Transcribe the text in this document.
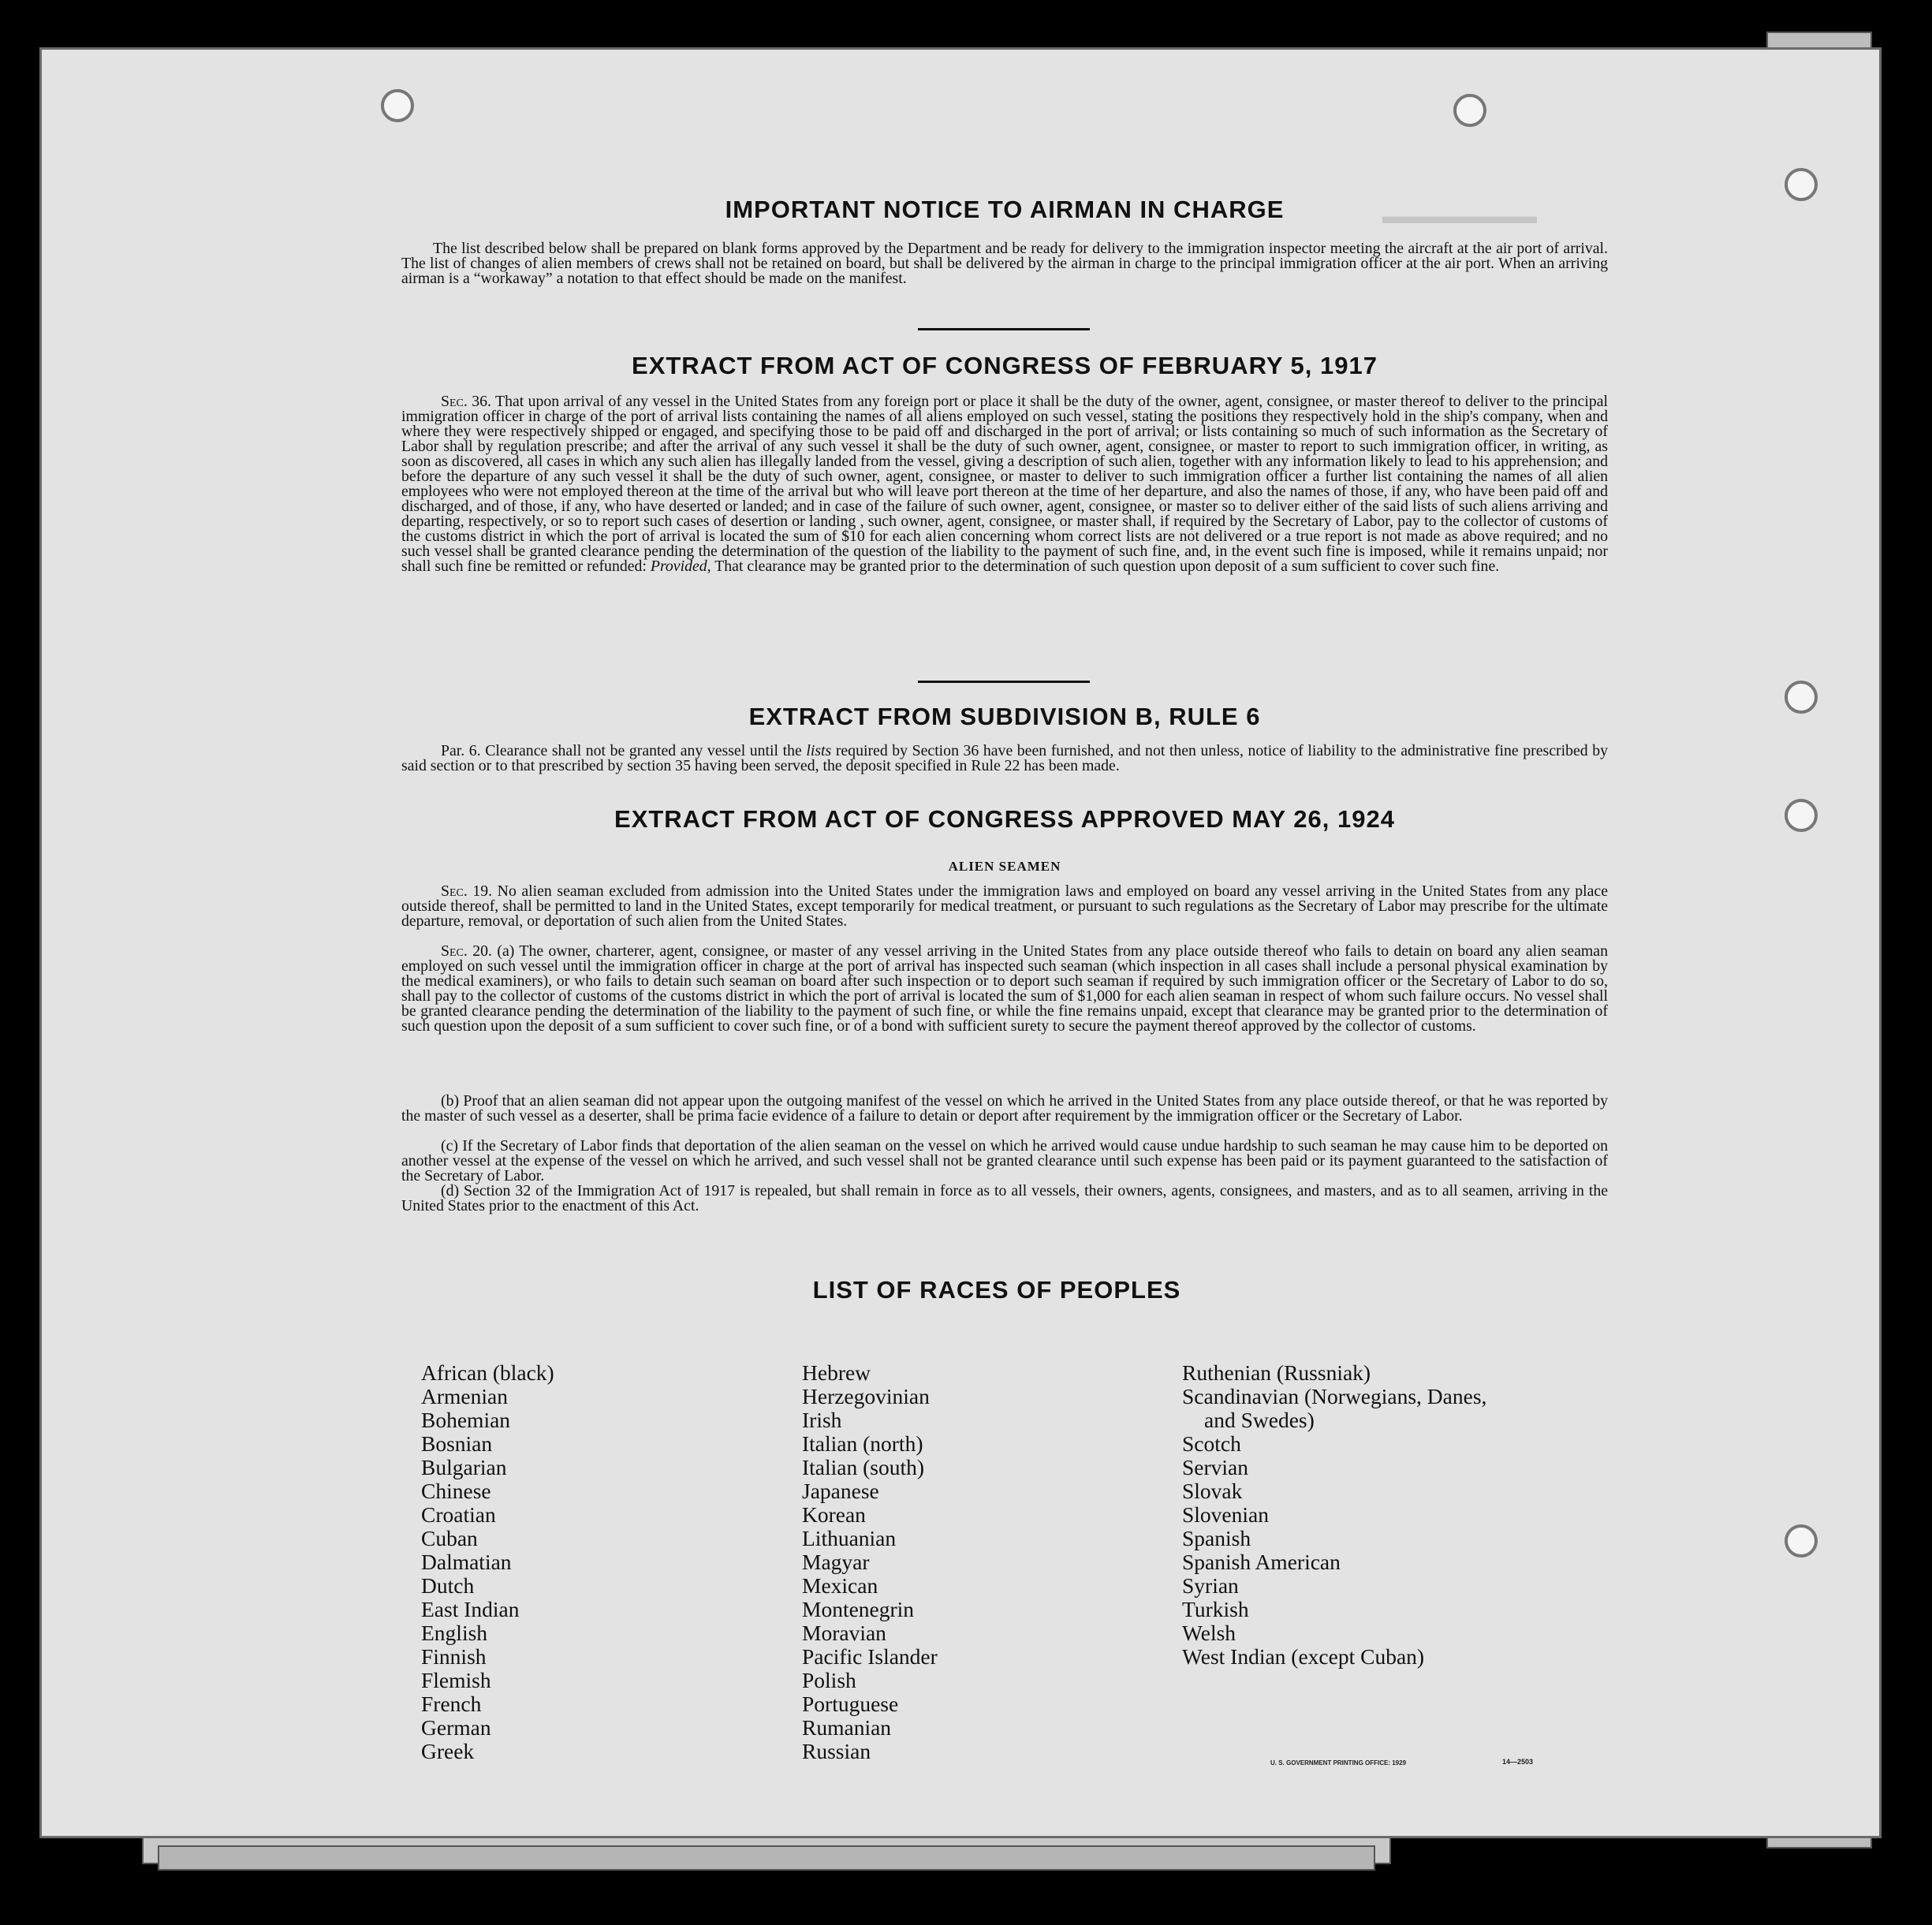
▬▬▬▬▬▬▬
IMPORTANT NOTICE TO AIRMAN IN CHARGE

The list described below shall be prepared on blank forms approved by the Department and be ready for delivery to the immigration inspector meeting the aircraft at the air port of arrival. The list of changes of alien members of crews shall not be retained on board, but shall be delivered by the airman in charge to the principal immigration officer at the air port. When an arriving airman is a “workaway” a notation to that effect should be made on the manifest.

EXTRACT FROM ACT OF CONGRESS OF FEBRUARY 5, 1917

Sec. 36. That upon arrival of any vessel in the United States from any foreign port or place it shall be the duty of the owner, agent, consignee, or master thereof to deliver to the principal immigration officer in charge of the port of arrival lists containing the names of all aliens employed on such vessel, stating the positions they respectively hold in the ship's company, when and where they were respectively shipped or engaged, and specifying those to be paid off and discharged in the port of arrival; or lists containing so much of such information as the Secretary of Labor shall by regulation prescribe; and after the arrival of any such vessel it shall be the duty of such owner, agent, consignee, or master to report to such immigration officer, in writing, as soon as discovered, all cases in which any such alien has illegally landed from the vessel, giving a description of such alien, together with any information likely to lead to his apprehension; and before the departure of any such vessel it shall be the duty of such owner, agent, consignee, or master to deliver to such immigration officer a further list containing the names of all alien employees who were not employed thereon at the time of the arrival but who will leave port thereon at the time of her departure, and also the names of those, if any, who have been paid off and discharged, and of those, if any, who have deserted or landed; and in case of the failure of such owner, agent, consignee, or master so to deliver either of the said lists of such aliens arriving and departing, respectively, or so to report such cases of desertion or landing , such owner, agent, consignee, or master shall, if required by the Secretary of Labor, pay to the collector of customs of the customs district in which the port of arrival is located the sum of $10 for each alien concerning whom correct lists are not delivered or a true report is not made as above required; and no such vessel shall be granted clearance pending the determination of the question of the liability to the payment of such fine, and, in the event such fine is imposed, while it remains unpaid; nor shall such fine be remitted or refunded: Provided, That clearance may be granted prior to the determination of such question upon deposit of a sum sufficient to cover such fine.

EXTRACT FROM SUBDIVISION B, RULE 6

Par. 6. Clearance shall not be granted any vessel until the lists required by Section 36 have been furnished, and not then unless, notice of liability to the administrative fine prescribed by said section or to that prescribed by section 35 having been served, the deposit specified in Rule 22 has been made.

EXTRACT FROM ACT OF CONGRESS APPROVED MAY 26, 1924
ALIEN SEAMEN

Sec. 19. No alien seaman excluded from admission into the United States under the immigration laws and employed on board any vessel arriving in the United States from any place outside thereof, shall be permitted to land in the United States, except temporarily for medical treatment, or pursuant to such regulations as the Secretary of Labor may prescribe for the ultimate departure, removal, or deportation of such alien from the United States.

Sec. 20. (a) The owner, charterer, agent, consignee, or master of any vessel arriving in the United States from any place outside thereof who fails to detain on board any alien seaman employed on such vessel until the immigration officer in charge at the port of arrival has inspected such seaman (which inspection in all cases shall include a personal physical examination by the medical examiners), or who fails to detain such seaman on board after such inspection or to deport such seaman if required by such immigration officer or the Secretary of Labor to do so, shall pay to the collector of customs of the customs district in which the port of arrival is located the sum of $1,000 for each alien seaman in respect of whom such failure occurs. No vessel shall be granted clearance pending the determination of the liability to the payment of such fine, or while the fine remains unpaid, except that clearance may be granted prior to the determination of such question upon the deposit of a sum sufficient to cover such fine, or of a bond with sufficient surety to secure the payment thereof approved by the collector of customs.

(b) Proof that an alien seaman did not appear upon the outgoing manifest of the vessel on which he arrived in the United States from any place outside thereof, or that he was reported by the master of such vessel as a deserter, shall be prima facie evidence of a failure to detain or deport after requirement by the immigration officer or the Secretary of Labor.

(c) If the Secretary of Labor finds that deportation of the alien seaman on the vessel on which he arrived would cause undue hardship to such seaman he may cause him to be deported on another vessel at the expense of the vessel on which he arrived, and such vessel shall not be granted clearance until such expense has been paid or its payment guaranteed to the satisfaction of the Secretary of Labor.

(d) Section 32 of the Immigration Act of 1917 is repealed, but shall remain in force as to all vessels, their owners, agents, consignees, and masters, and as to all seamen, arriving in the United States prior to the enactment of this Act.

LIST OF RACES OF PEOPLES
African (black)
Armenian
Bohemian
Bosnian
Bulgarian
Chinese
Croatian
Cuban
Dalmatian
Dutch
East Indian
English
Finnish
Flemish
French
German
Greek
Hebrew
Herzegovinian
Irish
Italian (north)
Italian (south)
Japanese
Korean
Lithuanian
Magyar
Mexican
Montenegrin
Moravian
Pacific Islander
Polish
Portuguese
Rumanian
Russian
Ruthenian (Russniak)
Scandinavian (Norwegians, Danes,
and Swedes)
Scotch
Servian
Slovak
Slovenian
Spanish
Spanish American
Syrian
Turkish
Welsh
West Indian (except Cuban)
U. S. GOVERNMENT PRINTING OFFICE: 1929	14—2503
